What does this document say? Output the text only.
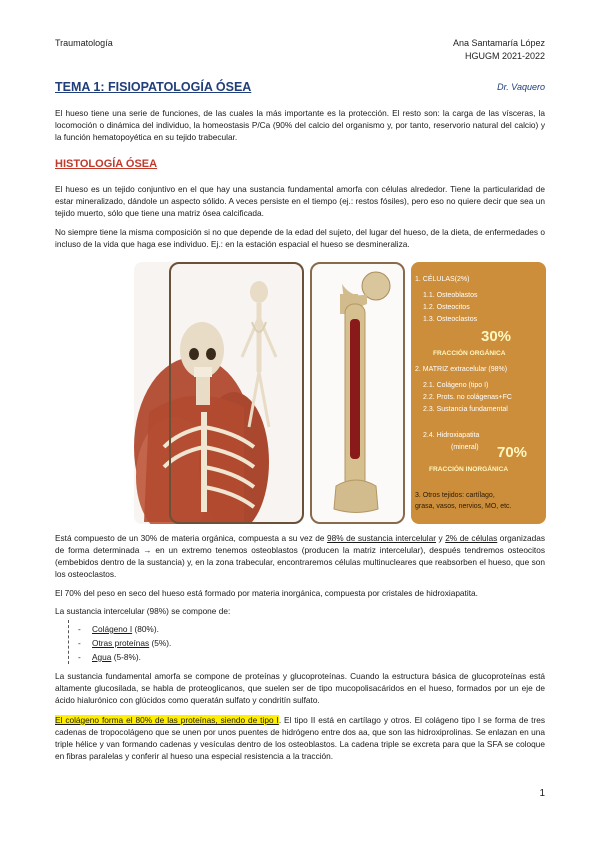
Traumatología	Ana Santamaría López
HGUGM 2021-2022
TEMA 1: FISIOPATOLOGÍA ÓSEA	Dr. Vaquero
El hueso tiene una serie de funciones, de las cuales la más importante es la protección. El resto son: la carga de las vísceras, la locomoción o dinámica del individuo, la homeostasis P/Ca (90% del calcio del organismo y, por tanto, reservorio natural del calcio) y la función hematopoyética en su tejido trabecular.
HISTOLOGÍA ÓSEA
El hueso es un tejido conjuntivo en el que hay una sustancia fundamental amorfa con células alrededor. Tiene la particularidad de estar mineralizado, dándole un aspecto sólido. A veces persiste en el tiempo (ej.: restos fósiles), pero eso no quiere decir que sea un tejido muerto, sólo que tiene una matriz ósea calcificada.
No siempre tiene la misma composición si no que depende de la edad del sujeto, del lugar del hueso, de la dieta, de enfermedades o incluso de la vida que haga ese individuo. Ej.: en la estación espacial el hueso se desmineraliza.
1. CÉLULAS(2%)
1.1. Osteoblastos
1.2. Osteocitos
1.3. Osteoclastos
30%
FRACCIÓN ORGÁNICA
2. MATRIZ extracelular (98%)
2.1. Colágeno (tipo I)
2.2. Prots. no colágenas+FC
2.3. Sustancia fundamental
2.4. Hidroxiapatita
(mineral) 70%
FRACCIÓN INORGÁNICA
3. Otros tejidos: cartílago,
grasa, vasos, nervios, MO, etc.
Está compuesto de un 30% de materia orgánica, compuesta a su vez de 98% de sustancia intercelular y 2% de células organizadas de forma determinada → en un extremo tenemos osteoblastos (producen la matriz intercelular), después tendremos osteocitos (embebidos dentro de la sustancia) y, en la zona trabecular, encontraremos células multinucleares que reabsorben el hueso, que son los osteoclastos.
El 70% del peso en seco del hueso está formado por materia inorgánica, compuesta por cristales de hidroxiapatita.
La sustancia intercelular (98%) se compone de:
- Colágeno I (80%).
- Otras proteínas (5%).
- Agua (5-8%).
La sustancia fundamental amorfa se compone de proteínas y glucoproteínas. Cuando la estructura básica de glucoproteínas está altamente glucosilada, se habla de proteoglicanos, que suelen ser de tipo mucopolisacáridos en el hueso, formados por un eje de ácido hialurónico con glúcidos como queratán sulfato y condritín sulfato.
El colágeno forma el 80% de las proteínas, siendo de tipo I. El tipo II está en cartílago y otros. El colágeno tipo I se forma de tres cadenas de tropocolágeno que se unen por unos puentes de hidrógeno entre dos aa, que son las hidroxiprolinas. Se enlazan en una triple hélice y van formando cadenas y vesículas dentro de los osteoblastos. La cadena triple se excreta para que la SFA se coloque en fibras paralelas y conferir al hueso una especial resistencia a la tracción.
1
